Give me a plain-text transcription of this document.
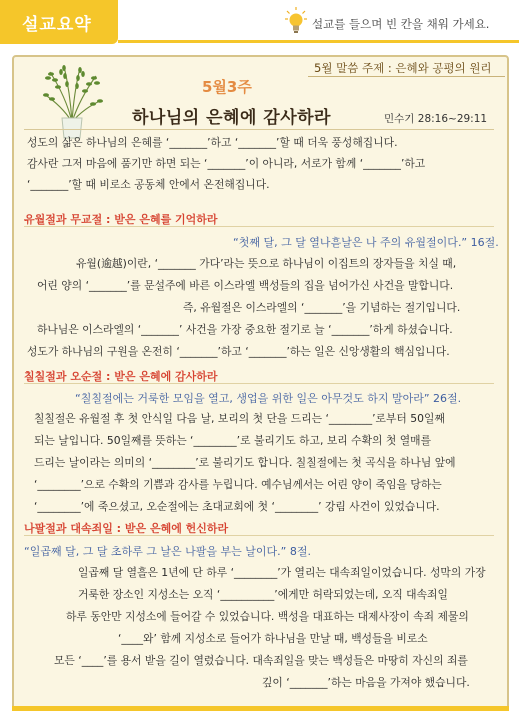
설교요약	설교를 들으며 빈 칸을 채워 가세요.
5월 말씀 주제 : 은혜와 공평의 원리
5월3주
하나님의 은혜에 감사하라	민수기 28:16~29:11
성도의 삶은 하나님의 은혜를 ‘_______’하고 ‘_______’할 때 더욱 풍성해집니다.
감사란 그저 마음에 품기만 하면 되는 ‘_______’이 아니라, 서로가 함께 ‘_______’하고
‘_______’할 때 비로소 공동체 안에서 온전해집니다.
유월절과 무교절 : 받은 은혜를 기억하라
“첫째 달, 그 달 열나흗날은 나 주의 유월절이다.” 16절.
유월(逾越)이란, ‘_______ 가다’라는 뜻으로 하나님이 이집트의 장자들을 치실 때,
어린 양의 ‘_______’를 문설주에 바른 이스라엘 백성들의 집을 넘어가신 사건을 말합니다.
즉, 유월절은 이스라엘의 ‘_______’을 기념하는 절기입니다.
하나님은 이스라엘의 ‘_______’ 사건을 가장 중요한 절기로 늘 ‘_______’하게 하셨습니다.
성도가 하나님의 구원을 온전히 ‘_______’하고 ‘_______’하는 일은 신앙생활의 핵심입니다.
칠칠절과 오순절 : 받은 은혜에 감사하라
“칠칠절에는 거룩한 모임을 열고, 생업을 위한 일은 아무것도 하지 말아라” 26절.
칠칠절은 유월절 후 첫 안식일 다음 날, 보리의 첫 단을 드리는 ‘________’로부터 50일째
되는 날입니다. 50일째를 뜻하는 ‘________’로 불리기도 하고, 보리 수확의 첫 열매를
드리는 날이라는 의미의 ‘________’로 불리기도 합니다. 칠칠절에는 첫 곡식을 하나님 앞에
‘________’으로 수확의 기쁨과 감사를 누립니다. 예수님께서는 어린 양이 죽임을 당하는
‘________’에 죽으셨고, 오순절에는 초대교회에 첫 ‘________’ 강림 사건이 있었습니다.
나팔절과 대속죄일 : 받은 은혜에 헌신하라
“일곱째 달, 그 달 초하루 그 날은 나팔을 부는 날이다.” 8절.
일곱째 달 열흘은 1년에 단 하루 ‘________’가 열리는 대속죄일이었습니다. 성막의 가장
거룩한 장소인 지성소는 오직 ‘__________’에게만 허락되었는데, 오직 대속죄일
하루 동안만 지성소에 들어갈 수 있었습니다. 백성을 대표하는 대제사장이 속죄 제물의
‘____와’ 함께 지성소로 들어가 하나님을 만날 때, 백성들을 비로소
모든 ‘____’를 용서 받을 길이 열렸습니다. 대속죄일을 맞는 백성들은 마땅히 자신의 죄를
깊이 ‘_______’하는 마음을 가져야 했습니다.
